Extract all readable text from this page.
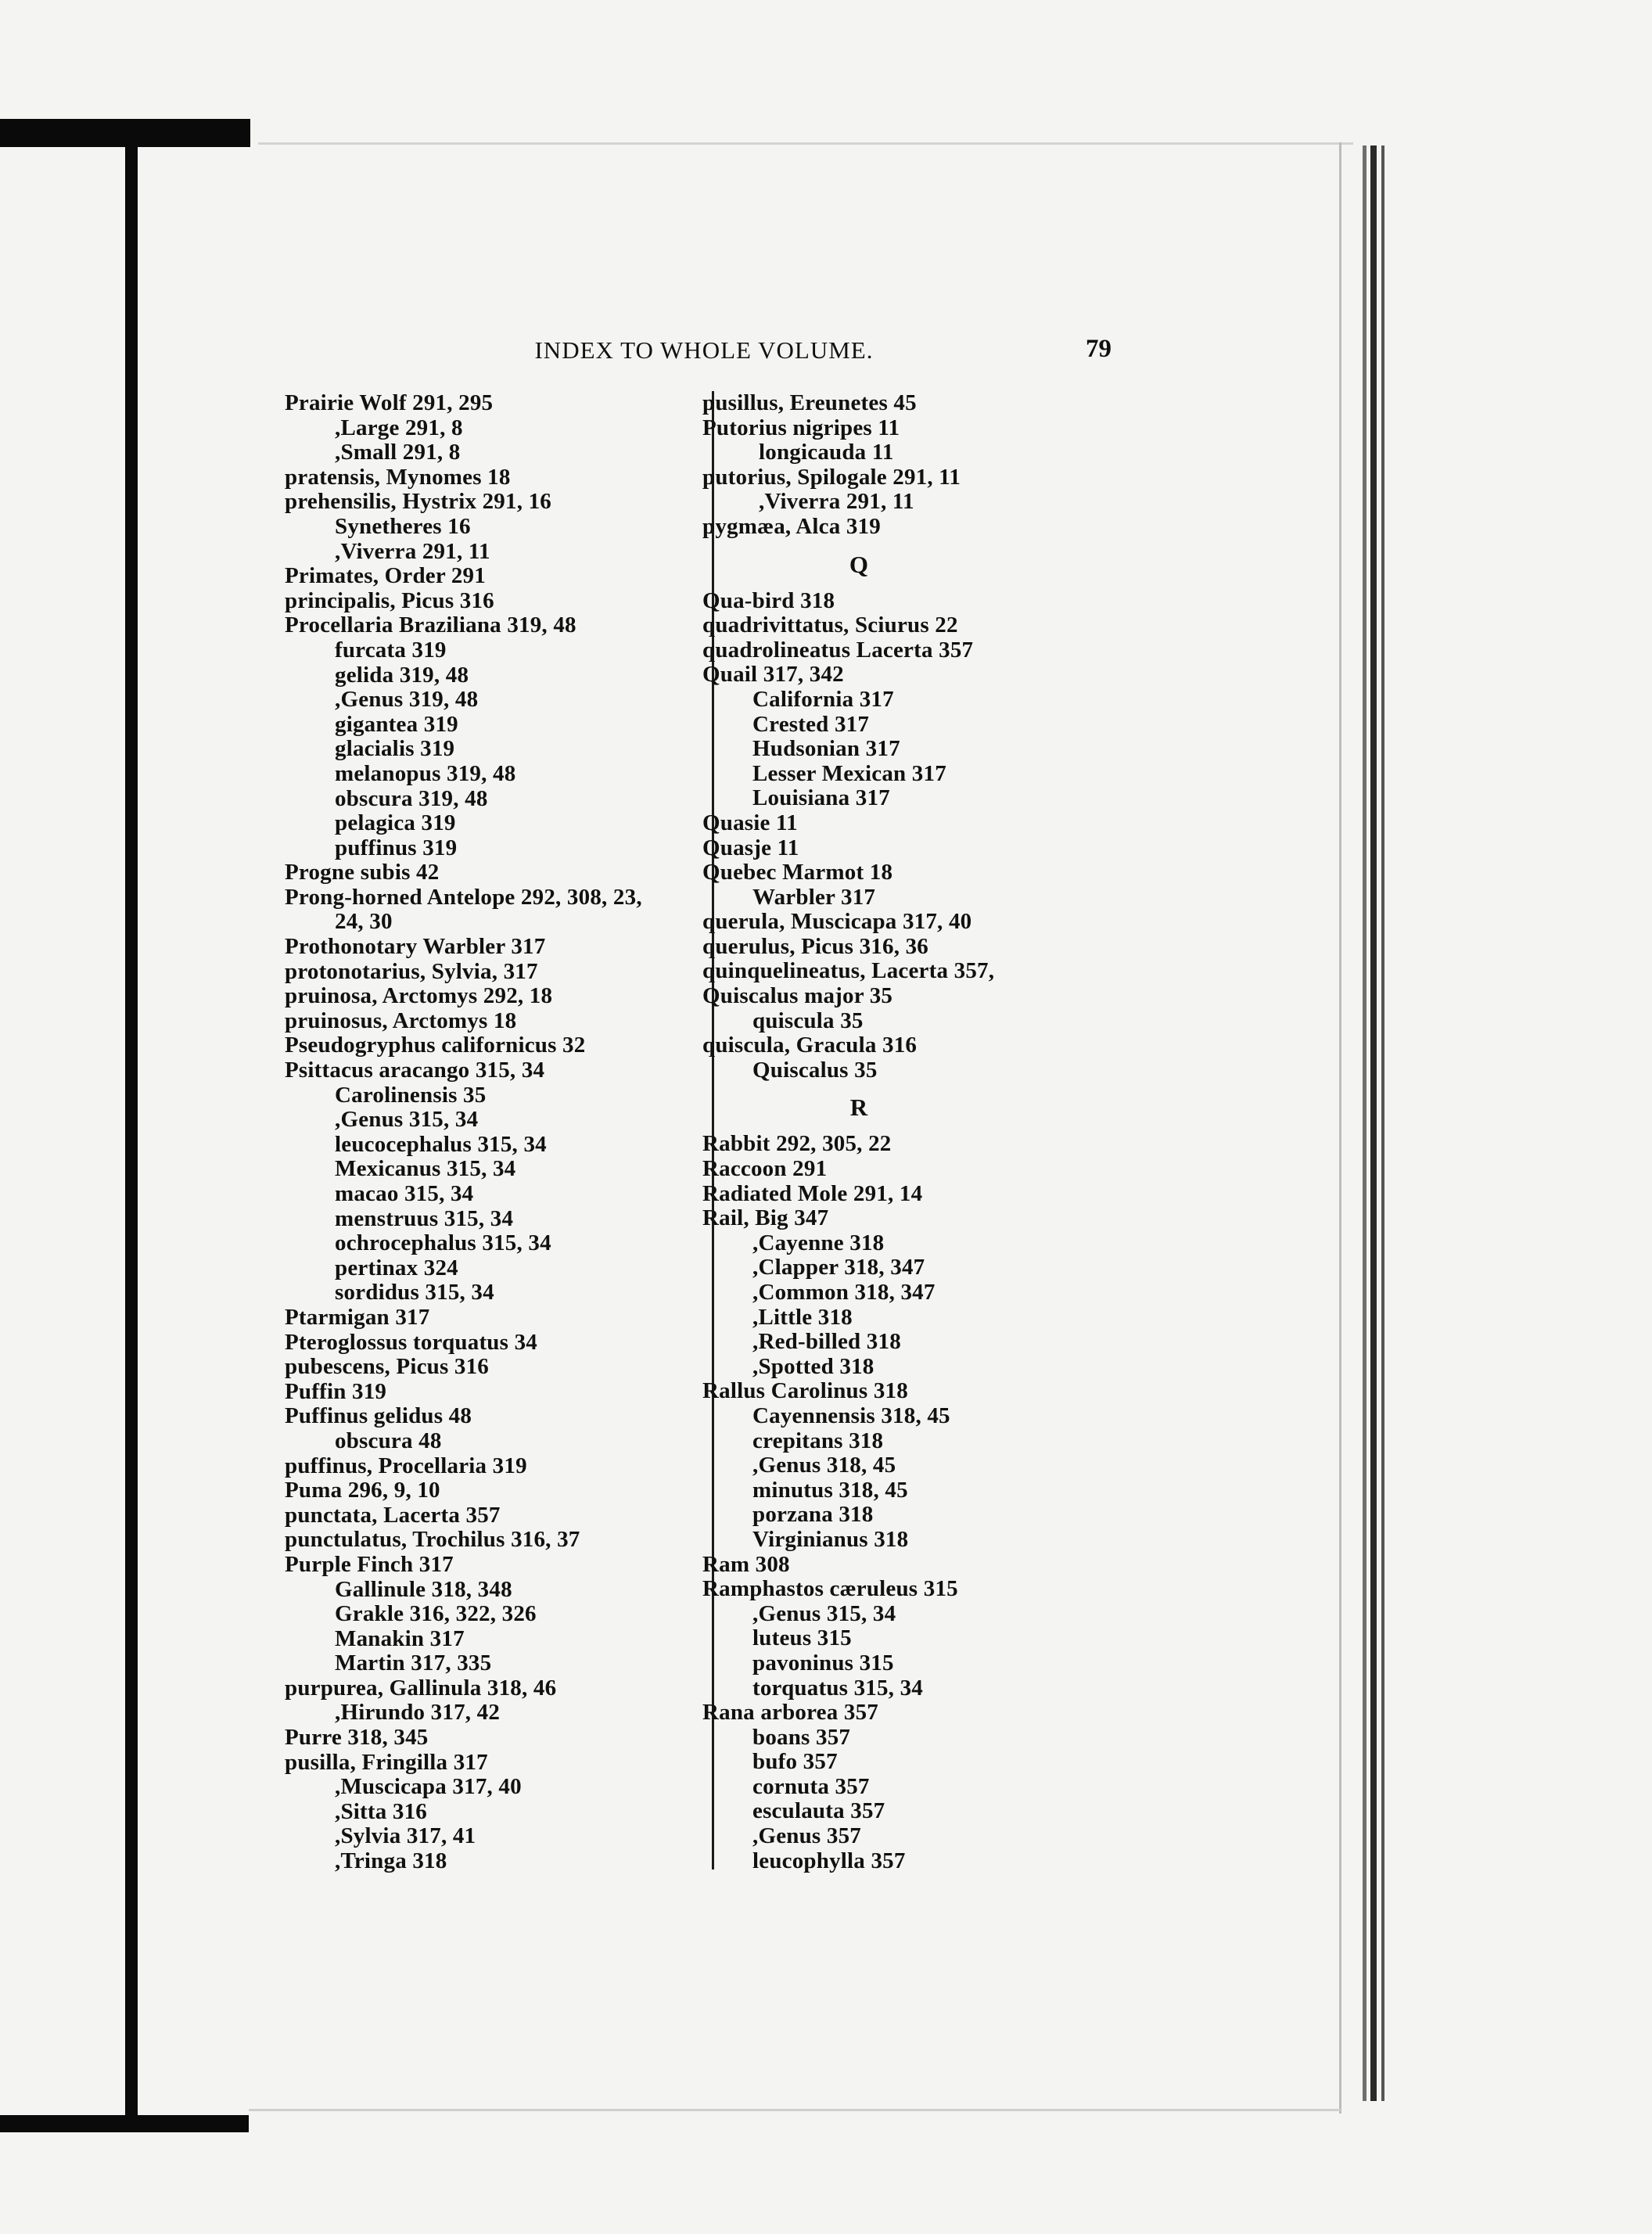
INDEX TO WHOLE VOLUME.	79
Prairie Wolf 291, 295
,Large 291, 8
,Small 291, 8
pratensis, Mynomes 18
prehensilis, Hystrix 291, 16
Synetheres 16
,Viverra 291, 11
Primates, Order 291
principalis, Picus 316
Procellaria Braziliana 319, 48
furcata 319
gelida 319, 48
,Genus 319, 48
gigantea 319
glacialis 319
melanopus 319, 48
obscura 319, 48
pelagica 319
puffinus 319
Progne subis 42
Prong-horned Antelope 292, 308, 23,
24, 30
Prothonotary Warbler 317
protonotarius, Sylvia, 317
pruinosa, Arctomys 292, 18
pruinosus, Arctomys 18
Pseudogryphus californicus 32
Psittacus aracango 315, 34
Carolinensis 35
,Genus 315, 34
leucocephalus 315, 34
Mexicanus 315, 34
macao 315, 34
menstruus 315, 34
ochrocephalus 315, 34
pertinax 324
sordidus 315, 34
Ptarmigan 317
Pteroglossus torquatus 34
pubescens, Picus 316
Puffin 319
Puffinus gelidus 48
obscura 48
puffinus, Procellaria 319
Puma 296, 9, 10
punctata, Lacerta 357
punctulatus, Trochilus 316, 37
Purple Finch 317
Gallinule 318, 348
Grakle 316, 322, 326
Manakin 317
Martin 317, 335
purpurea, Gallinula 318, 46
,Hirundo 317, 42
Purre 318, 345
pusilla, Fringilla 317
,Muscicapa 317, 40
,Sitta 316
,Sylvia 317, 41
,Tringa 318
pusillus, Ereunetes 45
Putorius nigripes 11
longicauda 11
putorius, Spilogale 291, 11
,Viverra 291, 11
pygmæa, Alca 319
Q
Qua-bird 318
quadrivittatus, Sciurus 22
quadrolineatus Lacerta 357
Quail 317, 342
California 317
Crested 317
Hudsonian 317
Lesser Mexican 317
Louisiana 317
Quasie 11
Quasje 11
Quebec Marmot 18
Warbler 317
querula, Muscicapa 317, 40
querulus, Picus 316, 36
quinquelineatus, Lacerta 357,
Quiscalus major 35
quiscula 35
quiscula, Gracula 316
Quiscalus 35
R
Rabbit 292, 305, 22
Raccoon 291
Radiated Mole 291, 14
Rail, Big 347
,Cayenne 318
,Clapper 318, 347
,Common 318, 347
,Little 318
,Red-billed 318
,Spotted 318
Rallus Carolinus 318
Cayennensis 318, 45
crepitans 318
,Genus 318, 45
minutus 318, 45
porzana 318
Virginianus 318
Ram 308
Ramphastos cæruleus 315
,Genus 315, 34
luteus 315
pavoninus 315
torquatus 315, 34
Rana arborea 357
boans 357
bufo 357
cornuta 357
esculauta 357
,Genus 357
leucophylla 357
